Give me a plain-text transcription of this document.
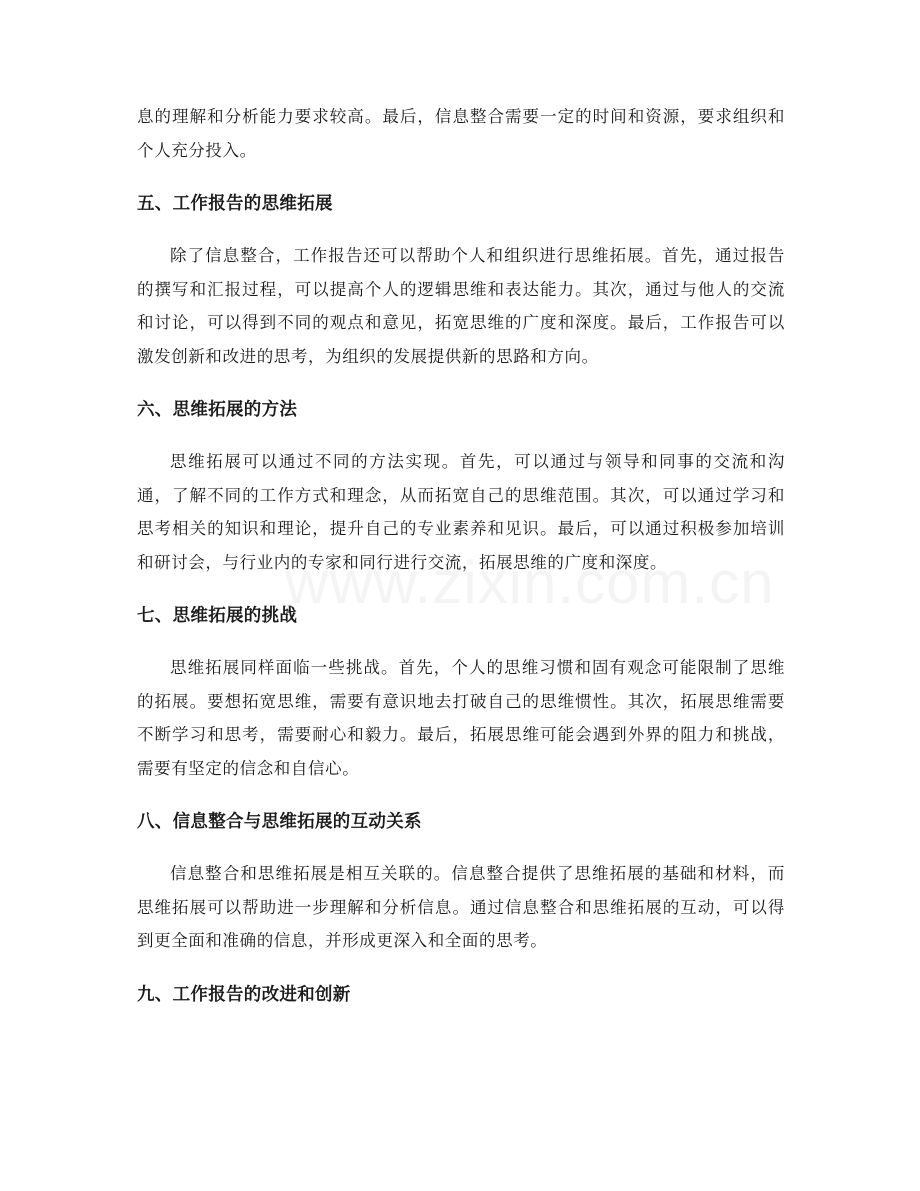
息的理解和分析能力要求较高。最后，信息整合需要一定的时间和资源，要求组织和个人充分投入。

五、工作报告的思维拓展

除了信息整合，工作报告还可以帮助个人和组织进行思维拓展。首先，通过报告的撰写和汇报过程，可以提高个人的逻辑思维和表达能力。其次，通过与他人的交流和讨论，可以得到不同的观点和意见，拓宽思维的广度和深度。最后，工作报告可以激发创新和改进的思考，为组织的发展提供新的思路和方向。

六、思维拓展的方法

思维拓展可以通过不同的方法实现。首先，可以通过与领导和同事的交流和沟通，了解不同的工作方式和理念，从而拓宽自己的思维范围。其次，可以通过学习和思考相关的知识和理论，提升自己的专业素养和见识。最后，可以通过积极参加培训和研讨会，与行业内的专家和同行进行交流，拓展思维的广度和深度。

七、思维拓展的挑战

思维拓展同样面临一些挑战。首先，个人的思维习惯和固有观念可能限制了思维的拓展。要想拓宽思维，需要有意识地去打破自己的思维惯性。其次，拓展思维需要不断学习和思考，需要耐心和毅力。最后，拓展思维可能会遇到外界的阻力和挑战，需要有坚定的信念和自信心。

八、信息整合与思维拓展的互动关系

信息整合和思维拓展是相互关联的。信息整合提供了思维拓展的基础和材料，而思维拓展可以帮助进一步理解和分析信息。通过信息整合和思维拓展的互动，可以得到更全面和准确的信息，并形成更深入和全面的思考。

九、工作报告的改进和创新
